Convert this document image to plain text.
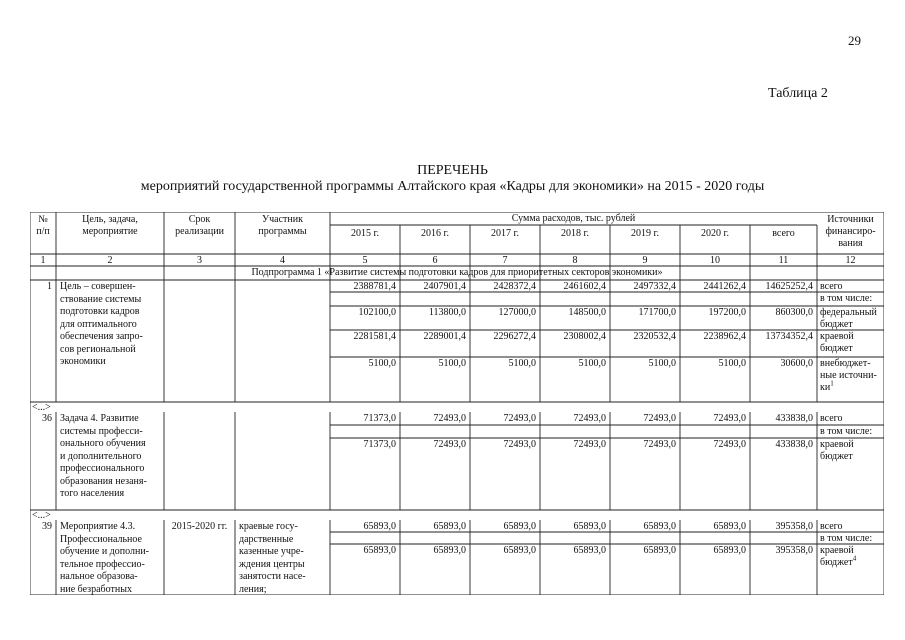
29
Таблица 2
ПЕРЕЧЕНЬ
мероприятий государственной программы Алтайского края «Кадры для экономики» на 2015 - 2020 годы
№
п/п
Цель, задача,
мероприятие
Срок
реализации
Участник
программы
Сумма расходов, тыс. рублей
2015 г.	2016 г.	2017 г.	2018 г.	2019 г.	2020 г.	всего
Источники
финансиро-
вания
1	2	3	4	5	6	7	8	9	10	11	12
Подпрограмма 1 «Развитие системы подготовки кадров для приоритетных секторов экономики»
1 Цель – совершен-
ствование системы
подготовки кадров
для оптимального
обеспечения запро-
сов региональной
экономики
2388781,4	2407901,4	2428372,4	2461602,4	2497332,4	2441262,4	14625252,4 всего
в том числе:
102100,0	113800,0	127000,0	148500,0	171700,0	197200,0	860300,0 федеральный
бюджет
2281581,4	2289001,4	2296272,4	2308002,4	2320532,4	2238962,4	13734352,4 краевой
бюджет
5100,0	5100,0	5100,0	5100,0	5100,0	5100,0	30600,0 внебюджет-
ные источни-
$ки^1$
36 Задача 4. Развитие
системы професси-
онального обучения
и дополнительного
профессионального
образования незаня-
того населения
71373,0	72493,0	72493,0	72493,0	72493,0	72493,0	433838,0 всего
в том числе:
71373,0	72493,0	72493,0	72493,0	72493,0	72493,0	433838,0 краевой
бюджет
39 Мероприятие 4.3.
Профессиональное
обучение и дополни-
тельное профессио-
нальное образова-
ние безработных
2015-2020 гг.	краевые госу-
дарственные
казенные учре-
ждения центры
занятости насе-
ления;
65893,0	65893,0	65893,0	65893,0	65893,0	65893,0	395358,0 всего
в том числе:
65893,0	65893,0	65893,0	65893,0	65893,0	65893,0	395358,0 краевой
бюджет$^4$
<...>
<...>
